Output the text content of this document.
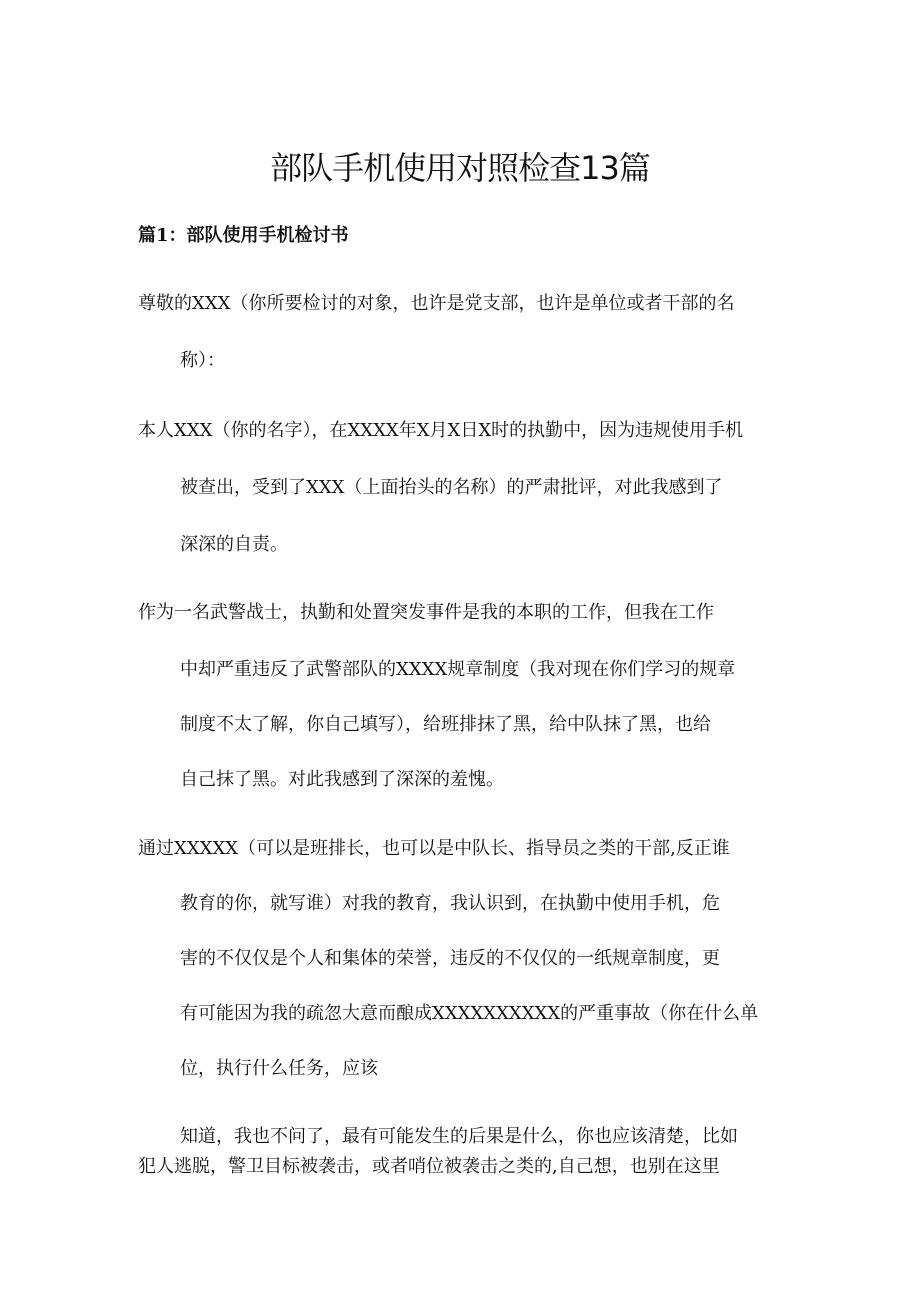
部队手机使用对照检查13篇
篇1：部队使用手机检讨书
尊敬的XXX（你所要检讨的对象，也许是党支部，也许是单位或者干部的名
称）：
本人XXX（你的名字），在XXXX年X月X日X时的执勤中，因为违规使用手机
被查出，受到了XXX（上面抬头的名称）的严肃批评，对此我感到了
深深的自责。
作为一名武警战士，执勤和处置突发事件是我的本职的工作，但我在工作
中却严重违反了武警部队的XXXX规章制度（我对现在你们学习的规章
制度不太了解，你自己填写），给班排抹了黑，给中队抹了黑，也给
自己抹了黑。对此我感到了深深的羞愧。
通过XXXXX（可以是班排长，也可以是中队长、指导员之类的干部,反正谁
教育的你，就写谁）对我的教育，我认识到，在执勤中使用手机，危
害的不仅仅是个人和集体的荣誉，违反的不仅仅的一纸规章制度，更
有可能因为我的疏忽大意而酿成XXXXXXXXXX的严重事故（你在什么单
位，执行什么任务，应该
知道，我也不问了，最有可能发生的后果是什么，你也应该清楚，比如
犯人逃脱，警卫目标被袭击，或者哨位被袭击之类的,自己想，也别在这里
